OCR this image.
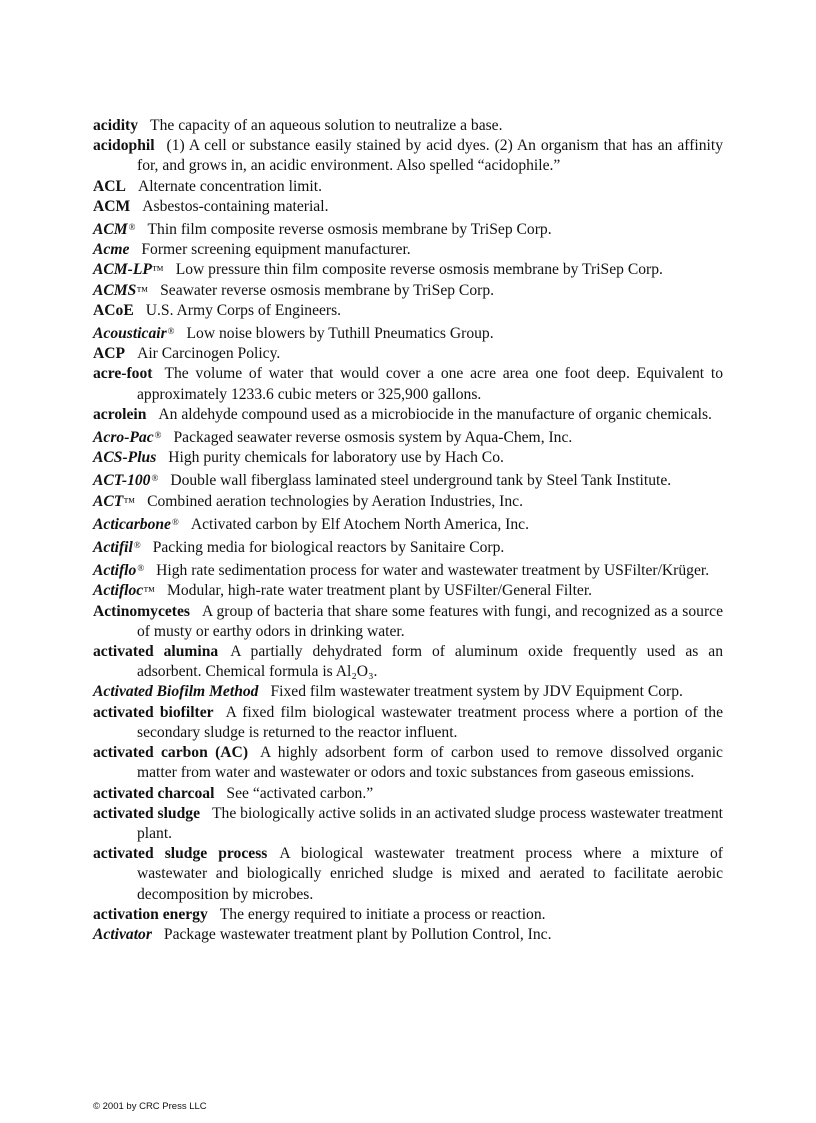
acidity The capacity of an aqueous solution to neutralize a base.

acidophil (1) A cell or substance easily stained by acid dyes. (2) An organism that has an affinity for, and grows in, an acidic environment. Also spelled “acidophile.”

ACL Alternate concentration limit.

ACM Asbestos-containing material.

ACM® Thin film composite reverse osmosis membrane by TriSep Corp.

Acme Former screening equipment manufacturer.

ACM-LP™ Low pressure thin film composite reverse osmosis membrane by TriSep Corp.

ACMS™ Seawater reverse osmosis membrane by TriSep Corp.

ACoE U.S. Army Corps of Engineers.

Acousticair® Low noise blowers by Tuthill Pneumatics Group.

ACP Air Carcinogen Policy.

acre-foot The volume of water that would cover a one acre area one foot deep. Equivalent to approximately 1233.6 cubic meters or 325,900 gallons.

acrolein An aldehyde compound used as a microbiocide in the manufacture of organic chemicals.

Acro-Pac® Packaged seawater reverse osmosis system by Aqua-Chem, Inc.

ACS-Plus High purity chemicals for laboratory use by Hach Co.

ACT-100® Double wall fiberglass laminated steel underground tank by Steel Tank Institute.

ACT™ Combined aeration technologies by Aeration Industries, Inc.

Acticarbone® Activated carbon by Elf Atochem North America, Inc.

Actifil® Packing media for biological reactors by Sanitaire Corp.

Actiflo® High rate sedimentation process for water and wastewater treatment by USFilter/Krüger.

Actifloc™ Modular, high-rate water treatment plant by USFilter/General Filter.

Actinomycetes A group of bacteria that share some features with fungi, and recognized as a source of musty or earthy odors in drinking water.

activated alumina A partially dehydrated form of aluminum oxide frequently used as an adsorbent. Chemical formula is Al₂O₃.

Activated Biofilm Method Fixed film wastewater treatment system by JDV Equipment Corp.

activated biofilter A fixed film biological wastewater treatment process where a portion of the secondary sludge is returned to the reactor influent.

activated carbon (AC) A highly adsorbent form of carbon used to remove dissolved organic matter from water and wastewater or odors and toxic substances from gaseous emissions.

activated charcoal See “activated carbon.”

activated sludge The biologically active solids in an activated sludge process wastewater treatment plant.

activated sludge process A biological wastewater treatment process where a mixture of wastewater and biologically enriched sludge is mixed and aerated to facilitate aerobic decomposition by microbes.

activation energy The energy required to initiate a process or reaction.

Activator Package wastewater treatment plant by Pollution Control, Inc.

© 2001 by CRC Press LLC
